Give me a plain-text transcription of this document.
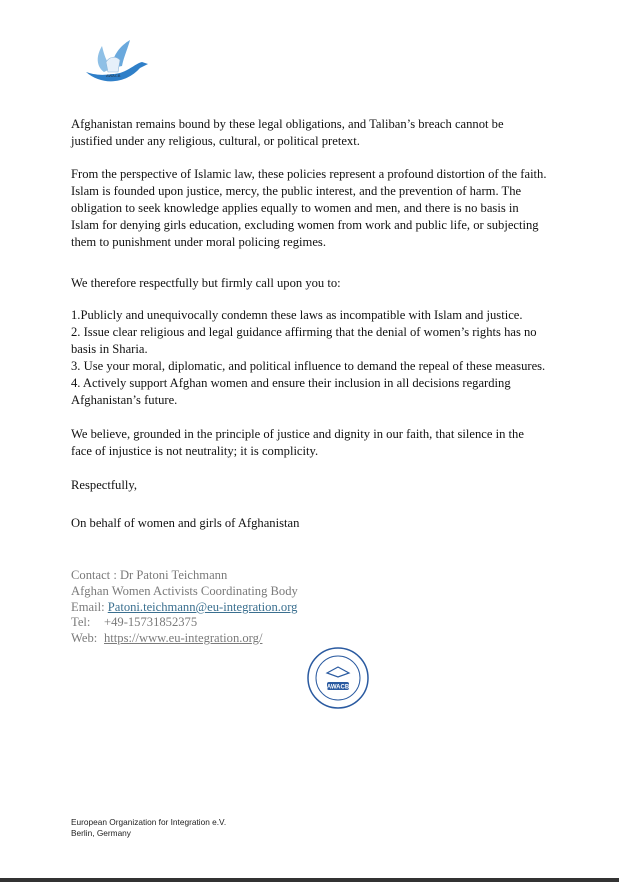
AWACB
Afghanistan remains bound by these legal obligations, and Taliban’s breach cannot be
justified under any religious, cultural, or political pretext.
From the perspective of Islamic law, these policies represent a profound distortion of the faith.
Islam is founded upon justice, mercy, the public interest, and the prevention of harm. The
obligation to seek knowledge applies equally to women and men, and there is no basis in
Islam for denying girls education, excluding women from work and public life, or subjecting
them to punishment under moral policing regimes.
We therefore respectfully but firmly call upon you to:
1.Publicly and unequivocally condemn these laws as incompatible with Islam and justice.
2. Issue clear religious and legal guidance affirming that the denial of women’s rights has no
basis in Sharia.
3. Use your moral, diplomatic, and political influence to demand the repeal of these measures.
4. Actively support Afghan women and ensure their inclusion in all decisions regarding
Afghanistan’s future.
We believe, grounded in the principle of justice and dignity in our faith, that silence in the
face of injustice is not neutrality; it is complicity.
Respectfully,
On behalf of women and girls of Afghanistan
Contact : Dr Patoni Teichmann
Afghan Women Activists Coordinating Body
Email: Patoni.teichmann@eu-integration.org
Tel: +49-15731852375
Web: https://www.eu-integration.org/
AWACB
European Organization for Integration e.V.
Berlin, Germany
